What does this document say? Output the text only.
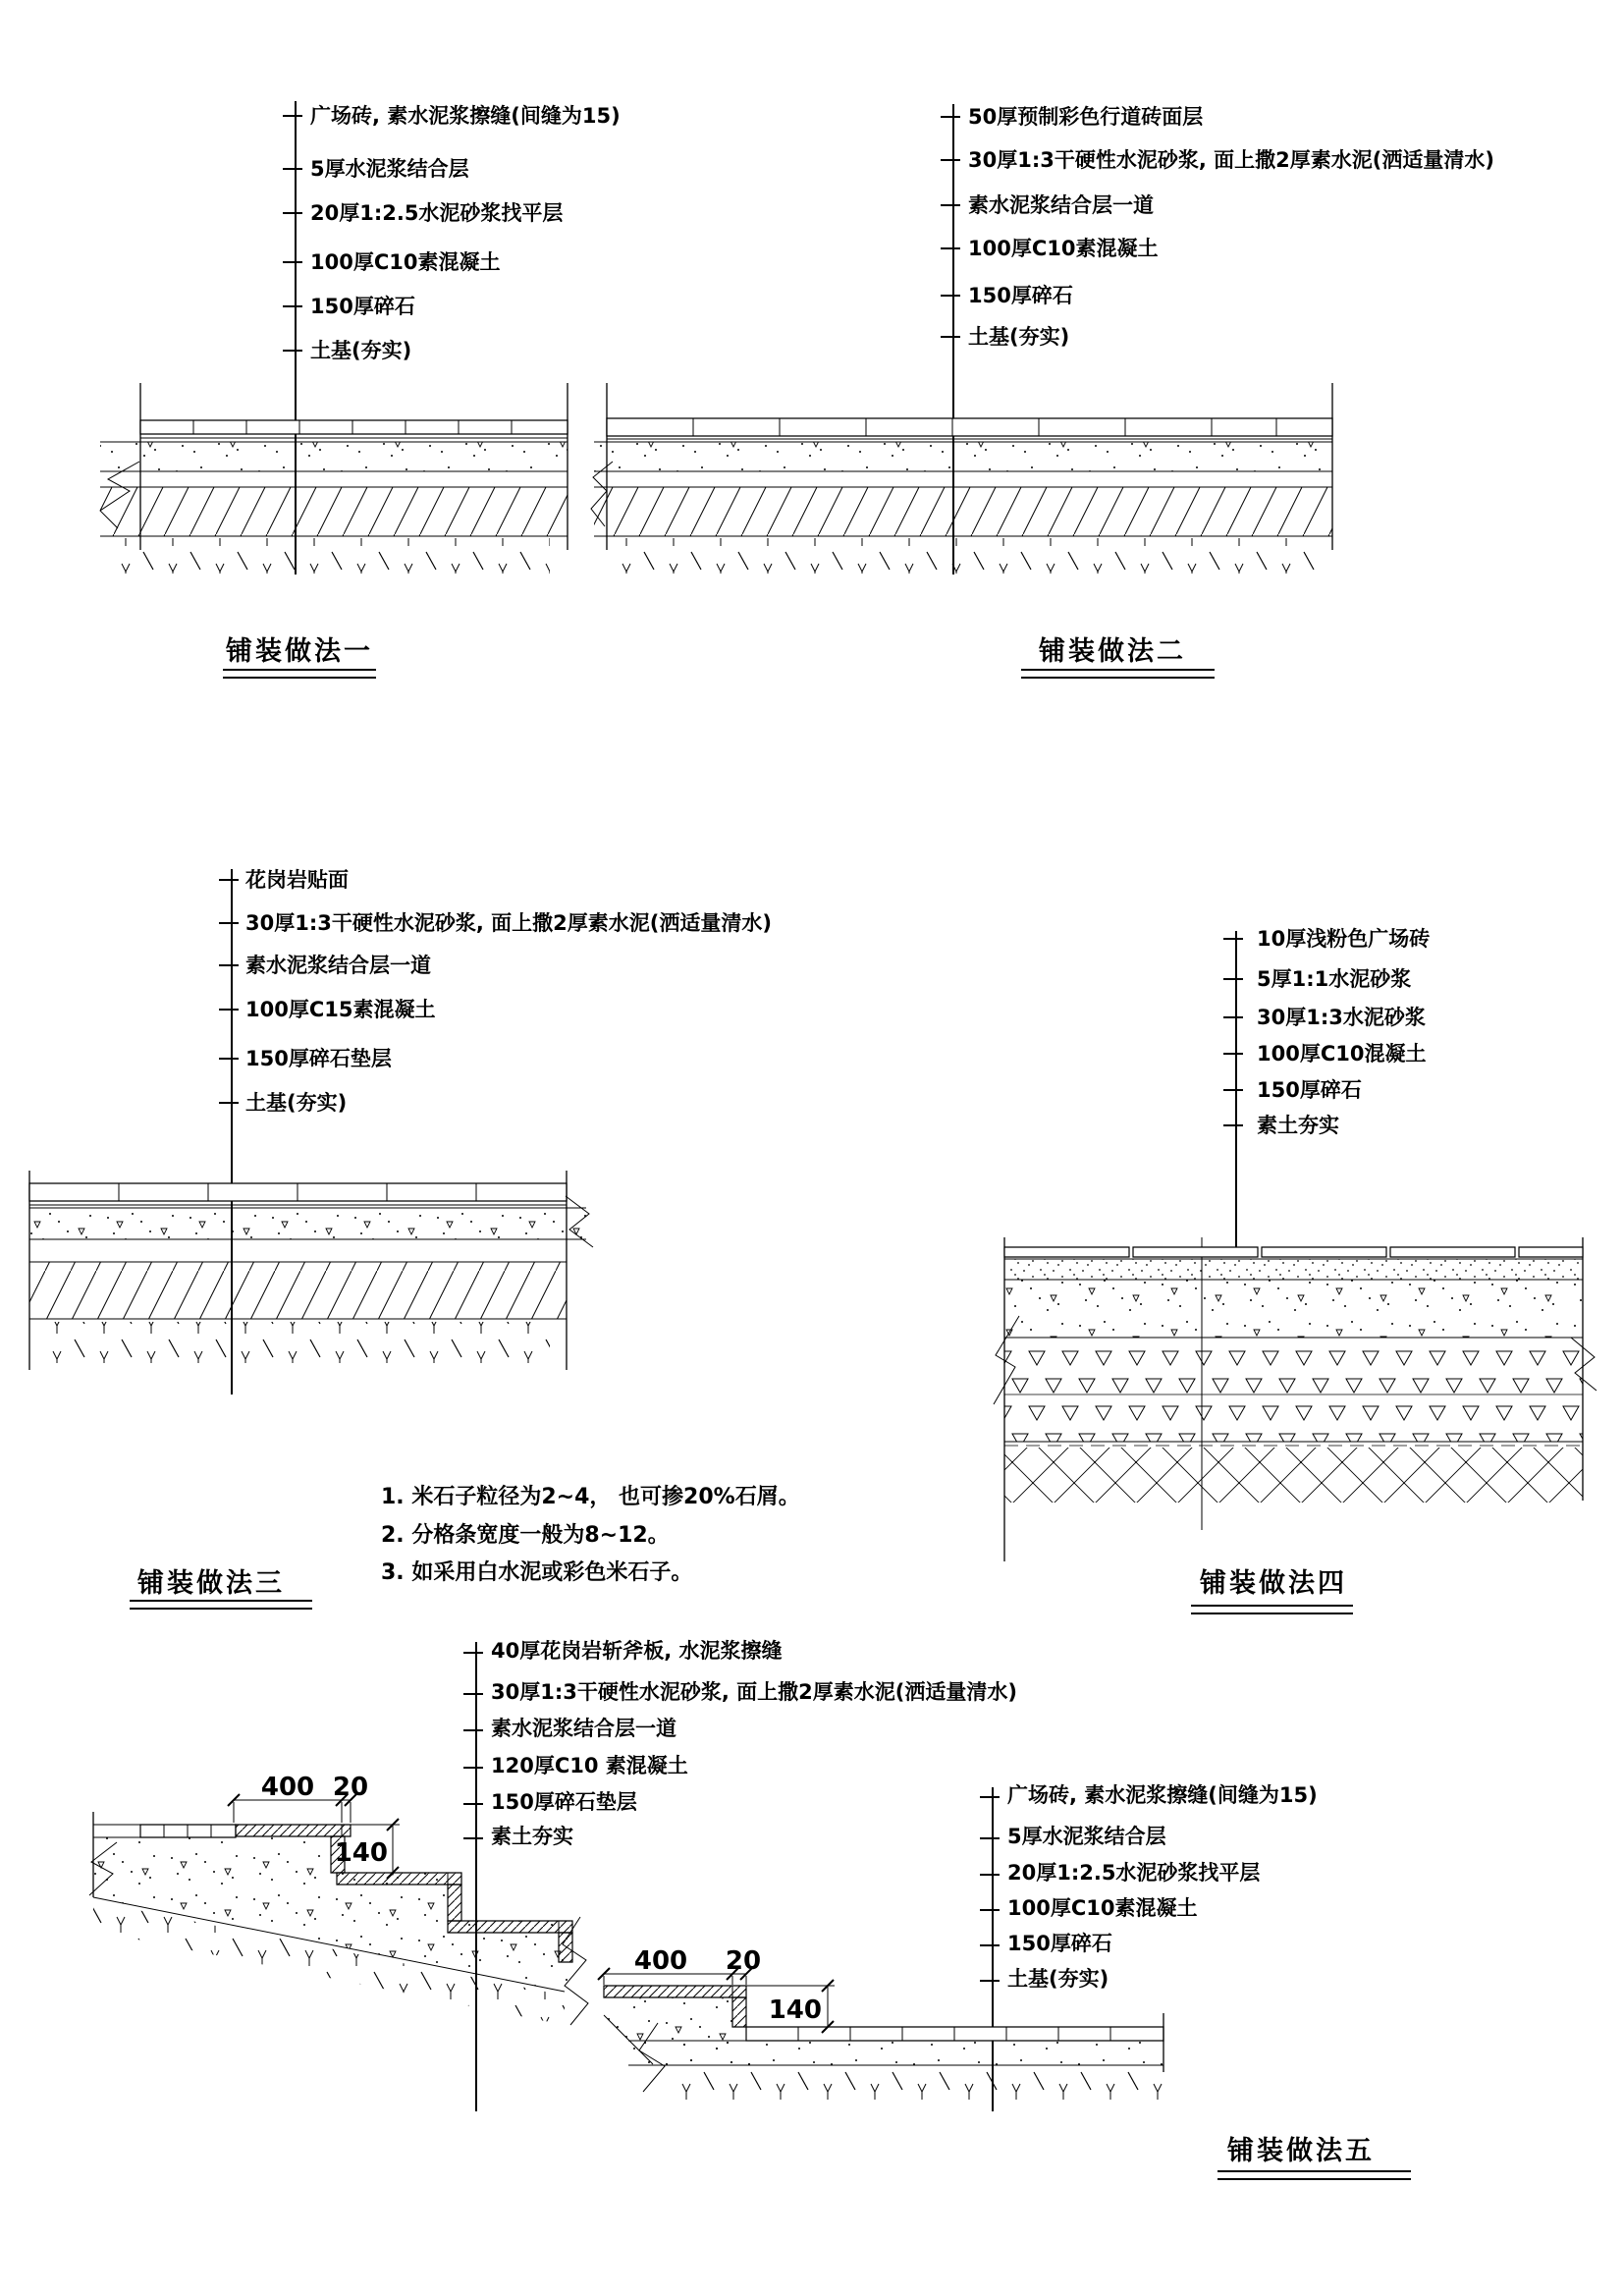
广场砖, 素水泥浆擦缝(间缝为15)
5厚水泥浆结合层
20厚1:2.5水泥砂浆找平层
100厚C10素混凝土
150厚碎石
土基(夯实)
铺装做法一
50厚预制彩色行道砖面层
30厚1:3干硬性水泥砂浆, 面上撒2厚素水泥(洒适量清水)
素水泥浆结合层一道
100厚C10素混凝土
150厚碎石
土基(夯实)
铺装做法二
花岗岩贴面
30厚1:3干硬性水泥砂浆, 面上撒2厚素水泥(洒适量清水)
素水泥浆结合层一道
100厚C15素混凝土
150厚碎石垫层
土基(夯实)
1. 米石子粒径为2~4， 也可掺20%石屑。
2. 分格条宽度一般为8~12。
3. 如采用白水泥或彩色米石子。
铺装做法三
10厚浅粉色广场砖
5厚1:1水泥砂浆
30厚1:3水泥砂浆
100厚C10混凝土
150厚碎石
素土夯实
铺装做法四
40厚花岗岩斩斧板, 水泥浆擦缝
30厚1:3干硬性水泥砂浆, 面上撒2厚素水泥(洒适量清水)
素水泥浆结合层一道
120厚C10 素混凝土
150厚碎石垫层
素土夯实
广场砖, 素水泥浆擦缝(间缝为15)
5厚水泥浆结合层
20厚1:2.5水泥砂浆找平层
100厚C10素混凝土
150厚碎石
土基(夯实)
400 20
140
400 20
140
铺装做法五
